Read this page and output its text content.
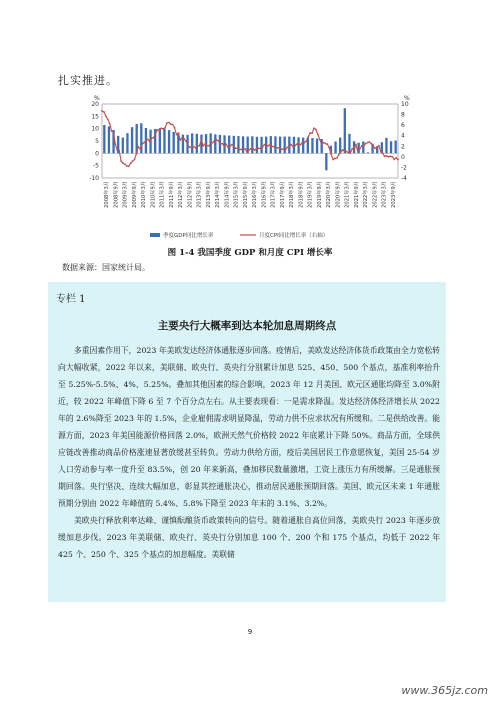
扎实推进。
%	%
20
15
10
5
0
-5
-10
10
8
6
4
2
0
-2
-4
2008年3月 2008年9月 2009年3月 2009年9月 2010年3月 2010年9月 2011年3月 2011年9月 2012年3月 2012年9月 2013年3月 2013年9月 2014年3月 2014年9月 2015年3月 2015年9月 2016年3月 2016年9月 2017年3月 2017年9月 2018年3月 2018年9月 2019年3月 2019年9月 2020年3月 2020年9月 2021年3月 2021年9月 2022年3月 2022年9月 2023年3月 2023年9月
季度GDP同比增长率	月度CPI同比增长率（右轴）
图 1-4 我国季度 GDP 和月度 CPI 增长率
数据来源：国家统计局。
专栏 1
主要央行大概率到达本轮加息周期终点

多重因素作用下，2023 年美欧发达经济体通胀逐步回落。疫情后，美欧发达经济体货币政策由全力宽松转向大幅收紧，2022 年以来，美联储、欧央行、英央行分别累计加息 525、450、500 个基点，基准利率抬升至 5.25%-5.5%、4%、5.25%。叠加其他因素的综合影响，2023 年 12 月美国、欧元区通胀均降至 3.0%附近，较 2022 年峰值下降 6 至 7 个百分点左右。从主要表现看：一是需求降温。发达经济体经济增长从 2022 年的 2.6%降至 2023 年的 1.5%，企业雇佣需求明显降温，劳动力供不应求状况有所缓和。二是供给改善。能源方面，2023 年美国能源价格回落 2.0%，欧洲天然气价格较 2022 年底累计下降 50%。商品方面，全球供应链改善推动商品价格涨速显著放缓甚至转负。劳动力供给方面，疫后美国居民工作意愿恢复，美国 25-54 岁人口劳动参与率一度升至 83.5%，创 20 年来新高，叠加移民数量激增，工资上涨压力有所缓解。三是通胀预期回落。央行坚决、连续大幅加息，彰显其控通胀决心，推动居民通胀预期回落。美国、欧元区未来 1 年通胀预期分别由 2022 年峰值的 5.4%、5.8%下降至 2023 年末的 3.1%、3.2%。

美欧央行释放利率达峰、谨慎酝酿货币政策转向的信号。随着通胀自高位回落，美欧央行 2023 年逐步放缓加息步伐。2023 年美联储、欧央行、英央行分别加息 100 个、200 个和 175 个基点，均低于 2022 年 425 个、250 个、325 个基点的加息幅度。美联储

9
www.365jz.com
